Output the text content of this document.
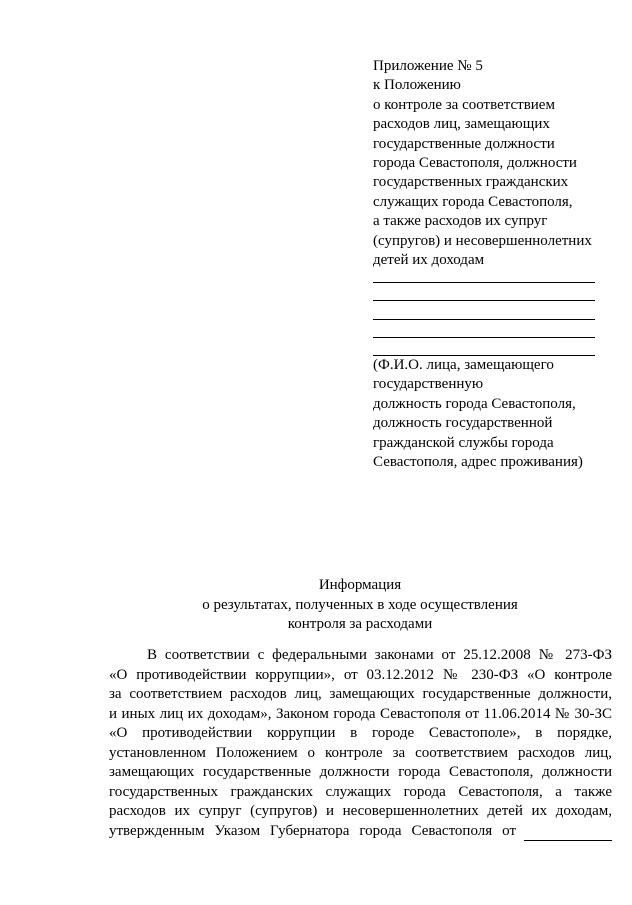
Приложение № 5
к Положению
о контроле за соответствием
расходов лиц, замещающих
государственные должности
города Севастополя, должности
государственных гражданских
служащих города Севастополя,
а также расходов их супруг
(супругов) и несовершеннолетних
детей их доходам
(Ф.И.О. лица, замещающего
государственную
должность города Севастополя,
должность государственной
гражданской службы города
Севастополя, адрес проживания)
Информация
о результатах, полученных в ходе осуществления
контроля за расходами
В соответствии с федеральными законами от 25.12.2008 № 273-ФЗ
«О противодействии коррупции», от 03.12.2012 № 230-ФЗ «О контроле
за соответствием расходов лиц, замещающих государственные должности,
и иных лиц их доходам», Законом города Севастополя от 11.06.2014 № 30-ЗС
«О противодействии коррупции в городе Севастополе», в порядке,
установленном Положением о контроле за соответствием расходов лиц,
замещающих государственные должности города Севастополя, должности
государственных гражданских служащих города Севастополя, а также
расходов их супруг (супругов) и несовершеннолетних детей их доходам,
утвержденным Указом Губернатора города Севастополя от
